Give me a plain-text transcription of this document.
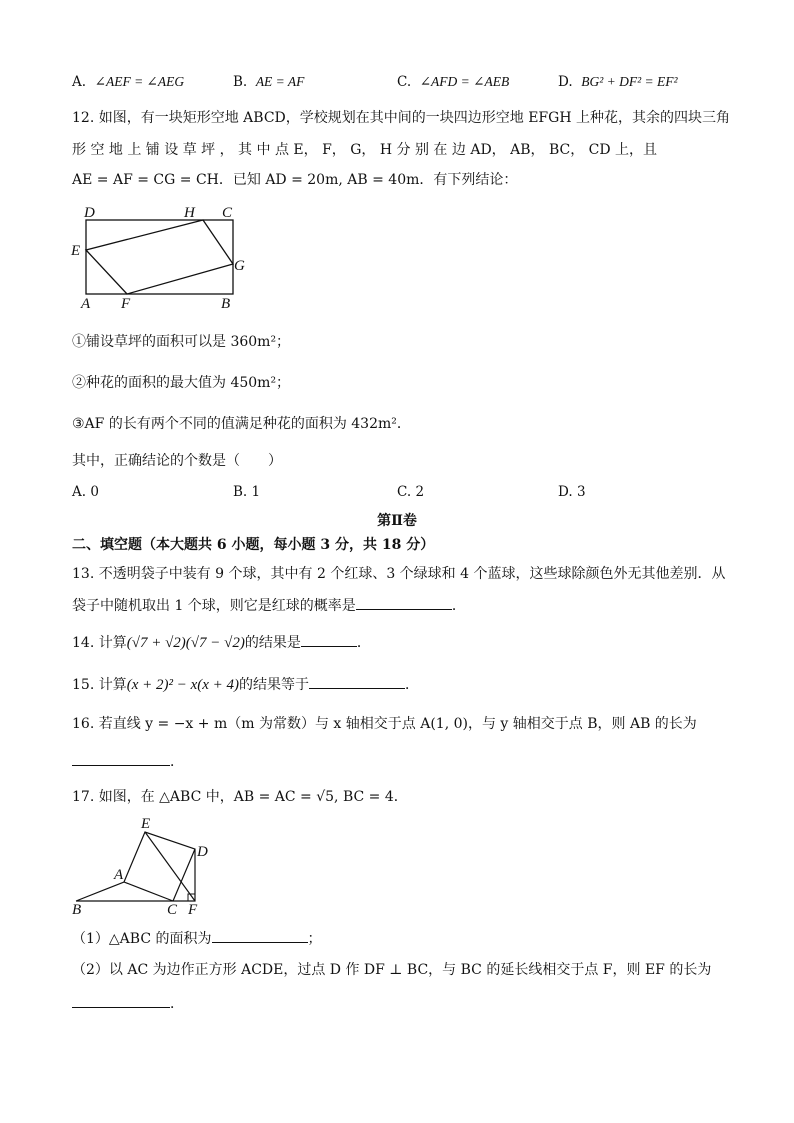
A. ∠AEF = ∠AEG	B. AE = AF	C. ∠AFD = ∠AEB	D. BG² + DF² = EF²
12. 如图，有一块矩形空地 ABCD，学校规划在其中间的一块四边形空地 EFGH 上种花，其余的四块三角
形 空 地 上 铺 设 草 坪 ， 其 中 点 E， F， G， H 分 别 在 边 AD， AB， BC， CD 上，且
AE = AF = CG = CH．已知 AD = 20m, AB = 40m．有下列结论：
D	H C
E
G
A F	B
①铺设草坪的面积可以是 360m²；
②种花的面积的最大值为 450m²；
③AF 的长有两个不同的值满足种花的面积为 432m²．
其中，正确结论的个数是（　　）
A. 0	B. 1	C. 2	D. 3
第Ⅱ卷
二、填空题（本大题共 6 小题，每小题 3 分，共 18 分）
13. 不透明袋子中装有 9 个球，其中有 2 个红球、3 个绿球和 4 个蓝球，这些球除颜色外无其他差别．从
袋子中随机取出 1 个球，则它是红球的概率是	．
14. 计算(√7 + √2)(√7 − √2)的结果是	．
15. 计算(x + 2)² − x(x + 4)的结果等于	．
16. 若直线 y = −x + m（m 为常数）与 x 轴相交于点 A(1, 0)，与 y 轴相交于点 B，则 AB 的长为
．
17. 如图，在 △ABC 中，AB = AC = √5, BC = 4．
E
D
A
B	C F
（1）△ABC 的面积为	；
（2）以 AC 为边作正方形 ACDE，过点 D 作 DF ⊥ BC，与 BC 的延长线相交于点 F，则 EF 的长为
．
